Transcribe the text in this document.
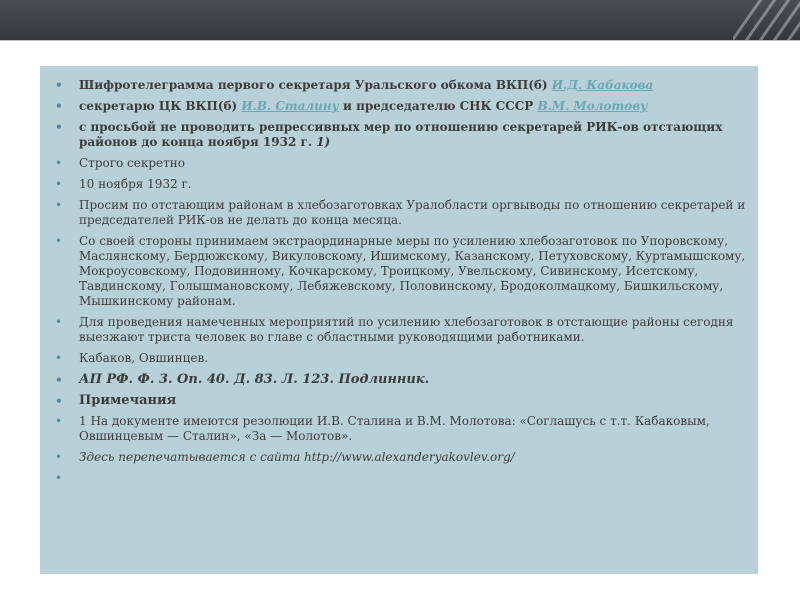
• Шифротелеграмма первого секретаря Уральского обкома ВКП(б) И.Д. Кабакова
• секретарю ЦК ВКП(б) И.В. Сталину и председателю СНК СССР В.М. Молотову
• с просьбой не проводить репрессивных мер по отношению секретарей РИК-ов отстающих районов до конца ноября 1932 г. 1)
• Строго секретно
• 10 ноября 1932 г.
• Просим по отстающим районам в хлебозаготовках Уралобласти оргвыводы по отношению секретарей и председателей РИК-ов не делать до конца месяца.
• Со своей стороны принимаем экстраординарные меры по усилению хлебозаготовок по Упоровскому, Маслянскому, Бердюжскому, Викуловскому, Ишимскому, Казанскому, Петуховскому, Куртамышскому, Мокроусовскому, Подовинному, Кочкарскому, Троицкому, Увельскому, Сивинскому, Исетскому, Тавдинскому, Голышмановскому, Лебяжевскому, Половинскому, Бродоколмацкому, Бишкильскому, Мышкинскому районам.
• Для проведения намеченных мероприятий по усилению хлебозаготовок в отстающие районы сегодня выезжают триста человек во главе с областными руководящими работниками.
• Кабаков, Овшинцев.
• АП РФ. Ф. 3. Оп. 40. Д. 83. Л. 123. Подлинник.
• Примечания
• 1 На документе имеются резолюции И.В. Сталина и В.М. Молотова: «Соглашусь с т.т. Кабаковым, Овшинцевым — Сталин», «За — Молотов».
• Здесь перепечатывается с сайта http://www.alexanderyakovlev.org/
•
